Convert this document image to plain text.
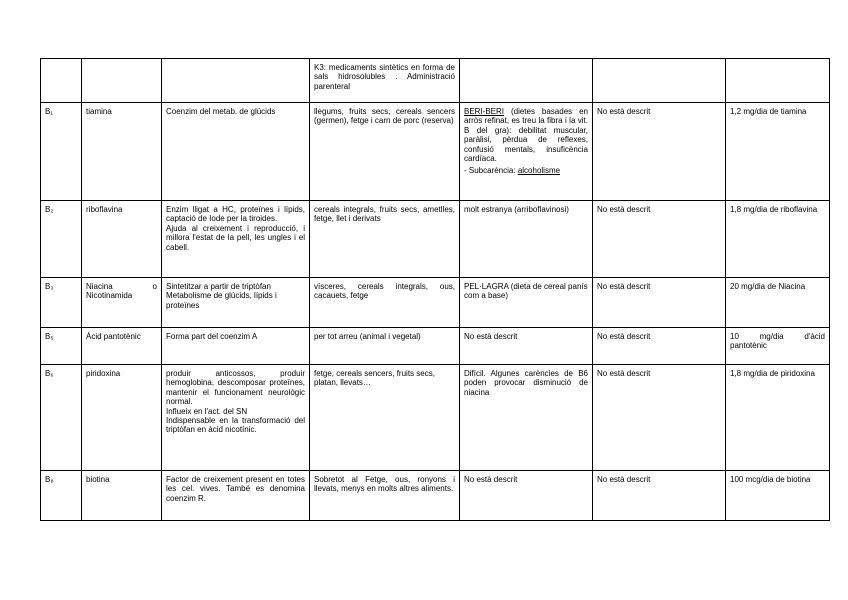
			K3: medicaments sintètics en forma de sals hidrosolubles . Administració parenteral			
B₁	tiamina	Coenzim del metab. de glúcids	llegums, fruits secs, cereals sencers (germen), fetge i carn de porc (reserva)	BERI-BERI (dietes basades en arròs refinat, es treu la fibra i la vit. B del gra): debilitat muscular, paràlisi, pèrdua de reflexes, confusió mentals, insuficència cardíaca.
- Subcarència: alcoholisme	No està descrit	1,2 mg/dia de tiamina
B₂	riboflavina	Enzim lligat a HC, proteïnes i lípids, captació de Iode per la tiroides.
Ajuda al creixement i reproducció, i millora l'estat de la pell, les ungles i el cabell.	cereals integrals, fruits secs, ametlles, fetge, llet i derivats	molt estranya (arriboflavinosi)	No està descrit	1,8 mg/dia de riboflavina
B₃	Niacina o Nicotinamida	Sintetitzar a partir de triptòfan
Metabolisme de glúcids, lípids i proteïnes	vísceres, cereals integrals, ous, cacauets, fetge	PEL·LAGRA (dieta de cereal panís com a base)	No està descrit	20 mg/dia de Niacina
B₅	Àcid pantotènic	Forma part del coenzim A	per tot arreu (animal i vegetal)	No està descrit	No està descrit	10 mg/dia d'àcid pantotènic
B₆	piridoxina	produir anticossos, produir hemoglobina, descomposar proteïnes, mantenir el funcionament neurològic normal.
Influeix en l'act. del SN
Indispensable en la transformació del triptòfan en àcid nicotínic.	fetge, cereals sencers, fruits secs, platan, llevats…	Difícil. Algunes carències de B6 poden provocar disminució de niacina	No està descrit	1,8 mg/dia de piridoxina
B₈	biotina	Factor de creixement present en totes les cel. vives. També es denomina coenzim R.	Sobretot al Fetge, ous, ronyons i llevats, menys en molts altres aliments.	No està descrit	No està descrit	100 mcg/dia de biotina
